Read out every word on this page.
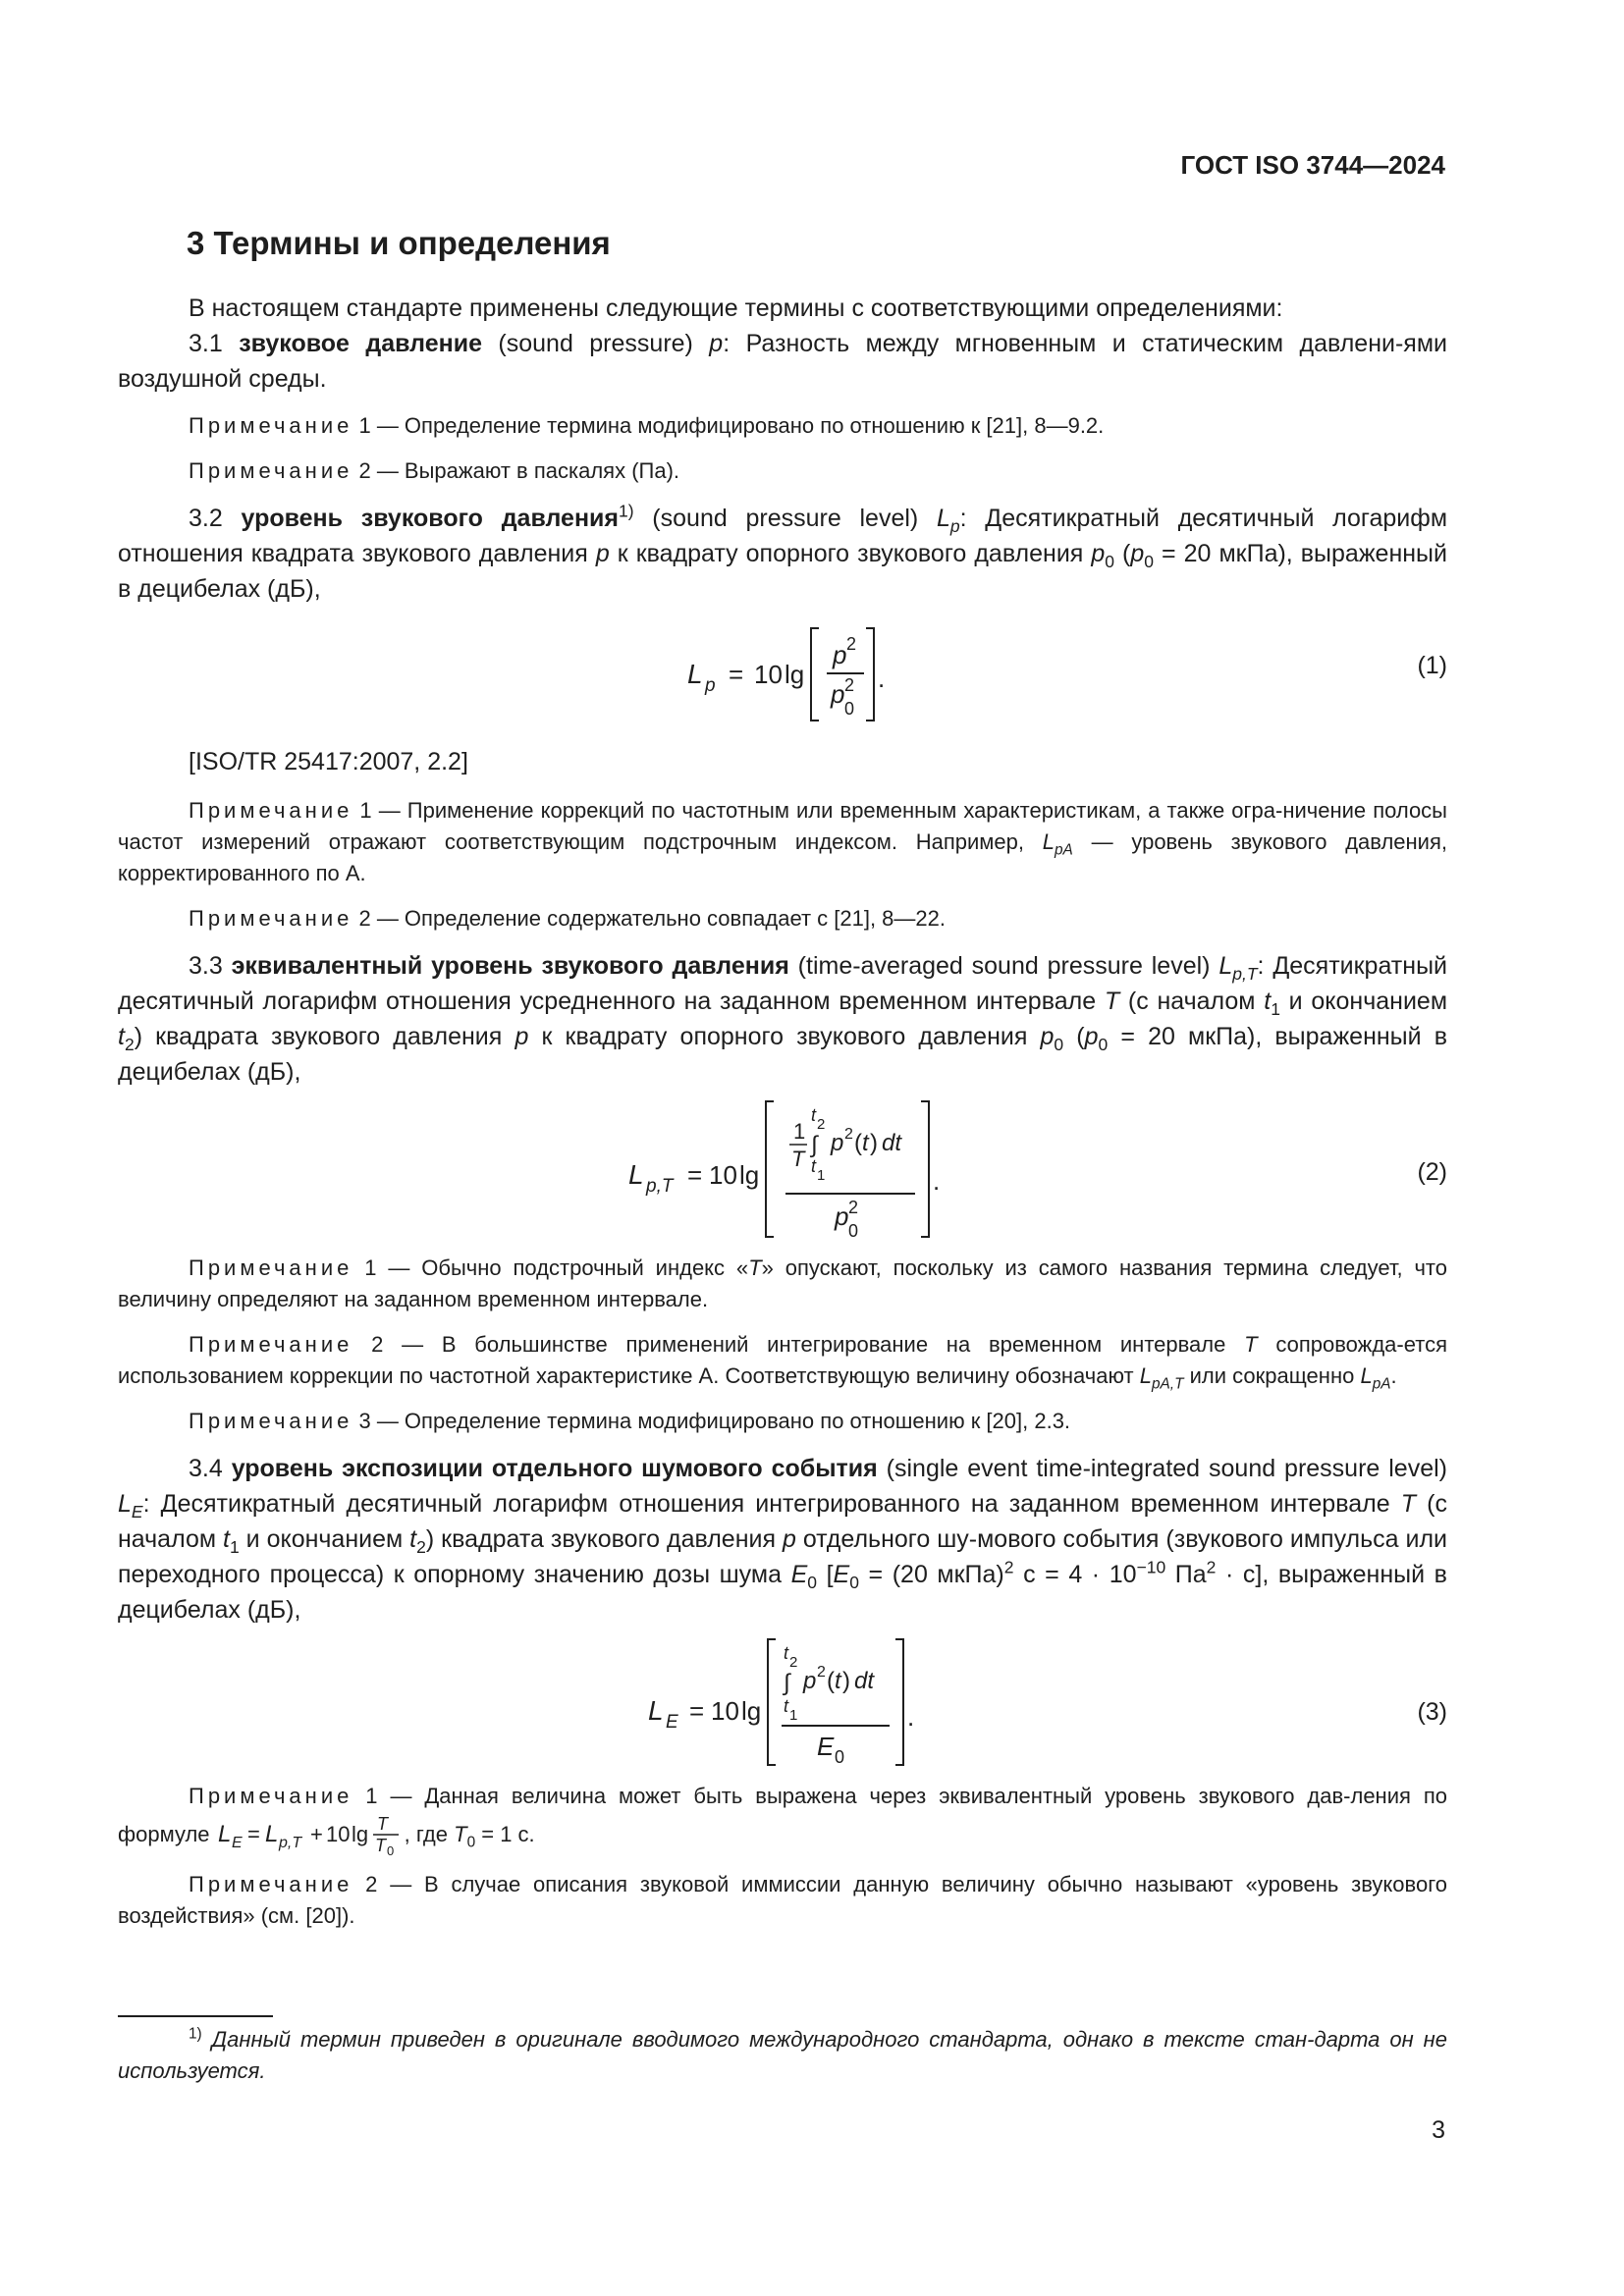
ГОСТ ISO 3744—2024
3 Термины и определения

В настоящем стандарте применены следующие термины с соответствующими определениями:

3.1 звуковое давление (sound pressure) p: Разность между мгновенным и статическим давлени-ями воздушной среды.

Примечание 1 — Определение термина модифицировано по отношению к [21], 8—9.2.

Примечание 2 — Выражают в паскалях (Па).

3.2 уровень звукового давления$^{1)}$ (sound pressure level) $L_p$: Десятикратный десятичный логарифм отношения квадрата звукового давления p к квадрату опорного звукового давления $p_0$ ($p_0 = 20$ мкПа), выраженный в децибелах (дБ),

L p = 10 lg
p 2
p 2
0
.	(1)

[ISO/TR 25417:2007, 2.2]

Примечание 1 — Применение коррекций по частотным или временным характеристикам, а также огра-ничение полосы частот измерений отражают соответствующим подстрочным индексом. Например, $L_{pA}$ — уровень звукового давления, корректированного по А.

Примечание 2 — Определение содержательно совпадает с [21], 8—22.

3.3 эквивалентный уровень звукового давления (time-averaged sound pressure level) $L_{p,T}$: Десятикратный десятичный логарифм отношения усредненного на заданном временном интервале T (с началом $t_1$ и окончанием $t_2$) квадрата звукового давления p к квадрату опорного звукового давления $p_0$ ($p_0 = 20$ мкПа), выраженный в децибелах (дБ),

L p,T = 10 lg
1
T
t 2
∫
t 1
p 2 ( t ) dt
p 2
0
.	(2)

Примечание 1 — Обычно подстрочный индекс «T» опускают, поскольку из самого названия термина следует, что величину определяют на заданном временном интервале.

Примечание 2 — В большинстве применений интегрирование на временном интервале T сопровожда-ется использованием коррекции по частотной характеристике А. Соответствующую величину обозначают $L_{pA,T}$ или сокращенно $L_{pA}$.

Примечание 3 — Определение термина модифицировано по отношению к [20], 2.3.

3.4 уровень экспозиции отдельного шумового события (single event time-integrated sound pressure level) $L_E$: Десятикратный десятичный логарифм отношения интегрированного на заданном временном интервале T (с началом $t_1$ и окончанием $t_2$) квадрата звукового давления p отдельного шу-мового события (звукового импульса или переходного процесса) к опорному значению дозы шума $E_0$ [$E_0 = (20$ мкПа)$^2$ $с = 4 \cdot 10^{-10}$ $Па^2 \cdot с$], выраженный в децибелах (дБ),

L E = 10 lg
t 2
∫
t 1
p 2 ( t ) dt
E 0
.	(3)

Примечание 1 — Данная величина может быть выражена через эквивалентный уровень звукового дав-ления по формуле L E = L p,T + 10 lg T
T 0
, где $T_0 = 1$ с.

Примечание 2 — В случае описания звуковой иммиссии данную величину обычно называют «уровень звукового воздействия» (см. [20]).

$^{1)}$ Данный термин приведен в оригинале вводимого международного стандарта, однако в тексте стан-дарта он не используется.
3
